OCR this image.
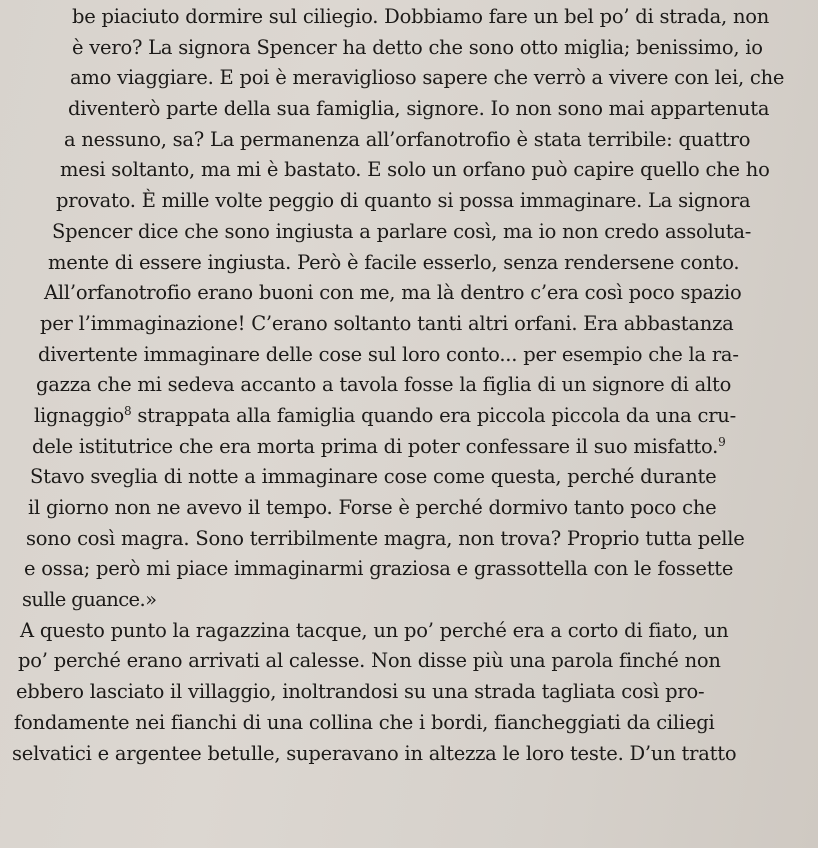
be piaciuto dormire sul ciliegio. Dobbiamo fare un bel po’ di strada, non
è vero? La signora Spencer ha detto che sono otto miglia; benissimo, io
amo viaggiare. E poi è meraviglioso sapere che verrò a vivere con lei, che
diventerò parte della sua famiglia, signore. Io non sono mai appartenuta
a nessuno, sa? La permanenza all’orfanotrofio è stata terribile: quattro
mesi soltanto, ma mi è bastato. E solo un orfano può capire quello che ho
provato. È mille volte peggio di quanto si possa immaginare. La signora
Spencer dice che sono ingiusta a parlare così, ma io non credo assoluta-
mente di essere ingiusta. Però è facile esserlo, senza rendersene conto.
All’orfanotrofio erano buoni con me, ma là dentro c’era così poco spazio
per l’immaginazione! C’erano soltanto tanti altri orfani. Era abbastanza
divertente immaginare delle cose sul loro conto... per esempio che la ra-
gazza che mi sedeva accanto a tavola fosse la figlia di un signore di alto
lignaggio$^8$ strappata alla famiglia quando era piccola piccola da una cru-
dele istitutrice che era morta prima di poter confessare il suo misfatto.$^9$
Stavo sveglia di notte a immaginare cose come questa, perché durante
il giorno non ne avevo il tempo. Forse è perché dormivo tanto poco che
sono così magra. Sono terribilmente magra, non trova? Proprio tutta pelle
e ossa; però mi piace immaginarmi graziosa e grassottella con le fossette
sulle guance.»
A questo punto la ragazzina tacque, un po’ perché era a corto di fiato, un
po’ perché erano arrivati al calesse. Non disse più una parola finché non
ebbero lasciato il villaggio, inoltrandosi su una strada tagliata così pro-
fondamente nei fianchi di una collina che i bordi, fiancheggiati da ciliegi
selvatici e argentee betulle, superavano in altezza le loro teste. D’un tratto
